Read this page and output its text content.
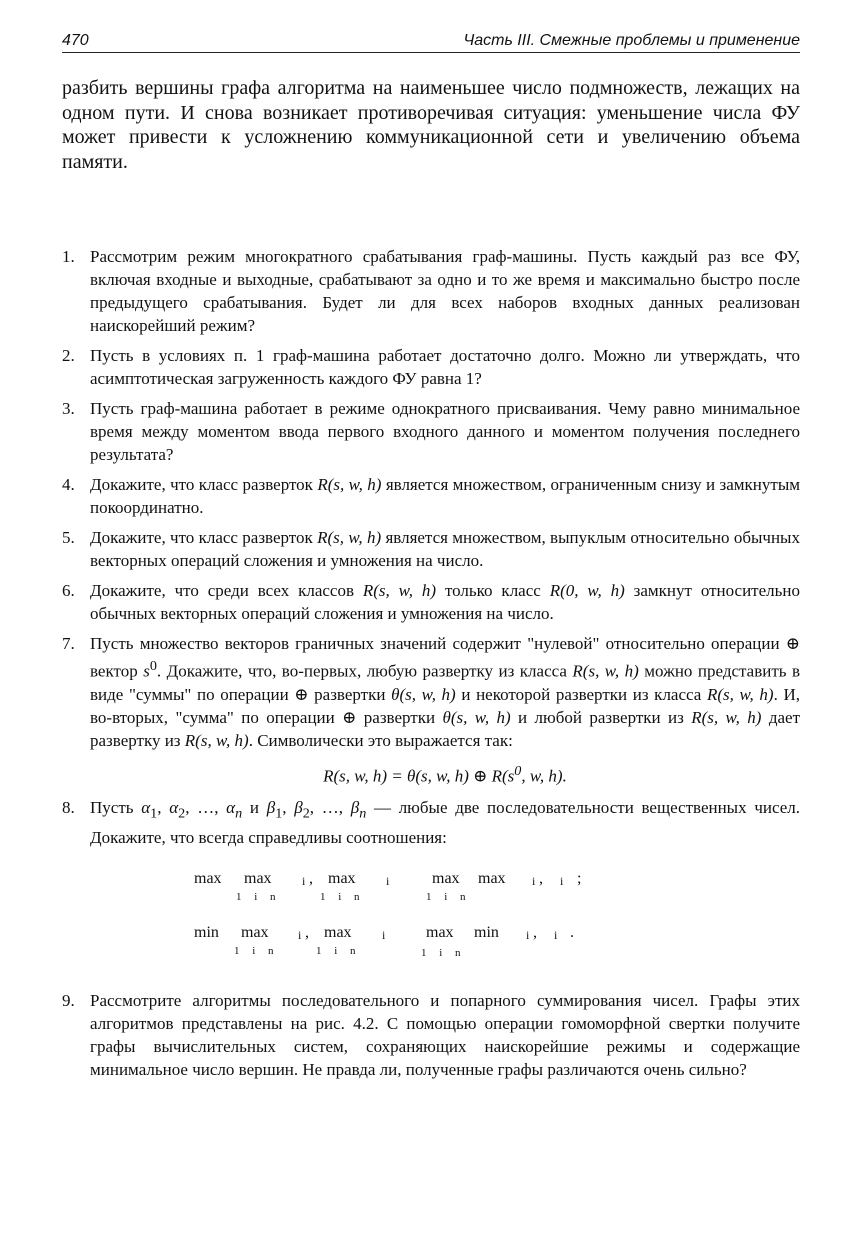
470	Часть III. Смежные проблемы и применение

разбить вершины графа алгоритма на наименьшее число подмножеств, лежащих на одном пути. И снова возникает противоречивая ситуация: уменьшение числа ФУ может привести к усложнению коммуникационной сети и увеличению объема памяти.

1. Рассмотрим режим многократного срабатывания граф-машины. Пусть каждый раз все ФУ, включая входные и выходные, срабатывают за одно и то же время и максимально быстро после предыдущего срабатывания. Будет ли для всех наборов входных данных реализован наискорейший режим?
2. Пусть в условиях п. 1 граф-машина работает достаточно долго. Можно ли утверждать, что асимптотическая загруженность каждого ФУ равна 1?
3. Пусть граф-машина работает в режиме однократного присваивания. Чему равно минимальное время между моментом ввода первого входного данного и моментом получения последнего результата?
4. Докажите, что класс разверток R(s, w, h) является множеством, ограниченным снизу и замкнутым покоординатно.
5. Докажите, что класс разверток R(s, w, h) является множеством, выпуклым относительно обычных векторных операций сложения и умножения на число.
6. Докажите, что среди всех классов R(s, w, h) только класс R(0, w, h) замкнут относительно обычных векторных операций сложения и умножения на число.
7. Пусть множество векторов граничных значений содержит "нулевой" относительно операции ⊕ вектор $s^0$. Докажите, что, во-первых, любую развертку из класса R(s, w, h) можно представить в виде "суммы" по операции ⊕ развертки θ(s, w, h) и некоторой развертки из класса R(s, w, h). И, во-вторых, "сумма" по операции ⊕ развертки θ(s, w, h) и любой развертки из R(s, w, h) дает развертку из R(s, w, h). Символически это выражается так:
R(s, w, h) = θ(s, w, h) ⊕ $R(s^0$, w, h).
8. Пусть $\alpha_1$, $\alpha_2$, …, $\alpha_n$ и $\beta_1$, $\beta_2$, …, $\beta_n$ — любые две последовательности вещественных чисел. Докажите, что всегда справедливы соотношения:
max max
1 i n
i , max
1 i n
i	max
1 i n
max i , i ;
min max
1 i n
i , max
1 i n
i	max
1 i n
min i , i .
9. Рассмотрите алгоритмы последовательного и попарного суммирования чисел. Графы этих алгоритмов представлены на рис. 4.2. С помощью операции гомоморфной свертки получите графы вычислительных систем, сохраняющих наискорейшие режимы и содержащие минимальное число вершин. Не правда ли, полученные графы различаются очень сильно?
